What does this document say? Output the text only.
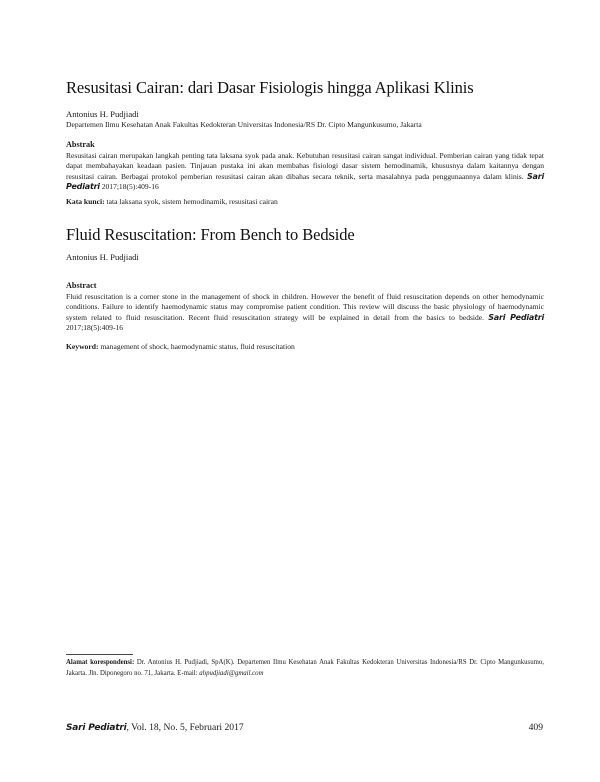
Resusitasi Cairan: dari Dasar Fisiologis hingga Aplikasi Klinis
Antonius H. Pudjiadi
Departemen Ilmu Kesehatan Anak Fakultas Kedokteran Universitas Indonesia/RS Dr. Cipto Mangunkusumo, Jakarta
Abstrak
Resusitasi cairan merupakan langkah penting tata laksana syok pada anak. Kebutuhan resusitasi cairan sangat individual. Pemberian cairan yang tidak tepat dapat membahayakan keadaan pasien. Tinjauan pustaka ini akan membahas fisiologi dasar sistem hemodinamik, khususnya dalam kaitannya dengan resusitasi cairan. Berbagai protokol pemberian resusitasi cairan akan dibahas secara teknik, serta masalahnya pada penggunaannya dalam klinis. Sari Pediatri 2017;18(5):409-16
Kata kunci: tata laksana syok, sistem hemodinamik, resusitasi cairan
Fluid Resuscitation: From Bench to Bedside
Antonius H. Pudjiadi
Abstract
Fluid resuscitation is a corner stone in the management of shock in children. However the benefit of fluid resuscitation depends on other hemodynamic conditions. Failure to identify haemodynamic status may compromise patient condition. This review will discuss the basic physiology of haemodynamic system related to fluid resuscitation. Recent fluid resuscitation strategy will be explained in detail from the basics to bedside. Sari Pediatri 2017;18(5):409-16
Keyword: management of shock, haemodynamic status, fluid resuscitation
Alamat korespondensi: Dr. Antonius H. Pudjiadi, SpA(K). Departemen Ilmu Kesehatan Anak Fakultas Kedokteran Universitas Indonesia/RS Dr. Cipto Mangunkusumo, Jakarta. Jln. Diponegoro no. 71, Jakarta. E-mail: ahpudjiadi@gmail.com
Sari Pediatri, Vol. 18, No. 5, Februari 2017	409
